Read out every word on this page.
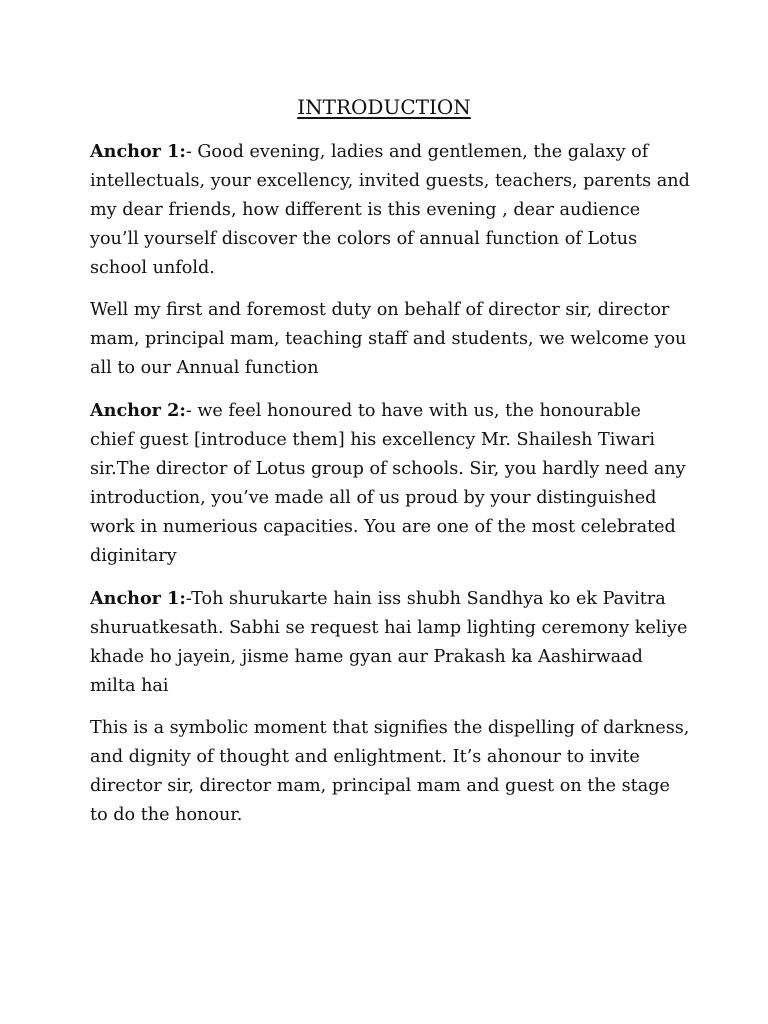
INTRODUCTION

Anchor 1:- Good evening, ladies and gentlemen, the galaxy of intellectuals, your excellency, invited guests, teachers, parents and my dear friends, how different is this evening , dear audience you’ll yourself discover the colors of annual function of Lotus school unfold.

Well my first and foremost duty on behalf of director sir, director mam, principal mam, teaching staff and students, we welcome you all to our Annual function

Anchor 2:- we feel honoured to have with us, the honourable chief guest [introduce them] his excellency Mr. Shailesh Tiwari sir.The director of Lotus group of schools. Sir, you hardly need any introduction, you’ve made all of us proud by your distinguished work in numerious capacities. You are one of the most celebrated diginitary

Anchor 1:-Toh shurukarte hain iss shubh Sandhya ko ek Pavitra shuruatkesath. Sabhi se request hai lamp lighting ceremony keliye khade ho jayein, jisme hame gyan aur Prakash ka Aashirwaad milta hai

This is a symbolic moment that signifies the dispelling of darkness, and dignity of thought and enlightment. It’s ahonour to invite director sir, director mam, principal mam and guest on the stage to do the honour.
